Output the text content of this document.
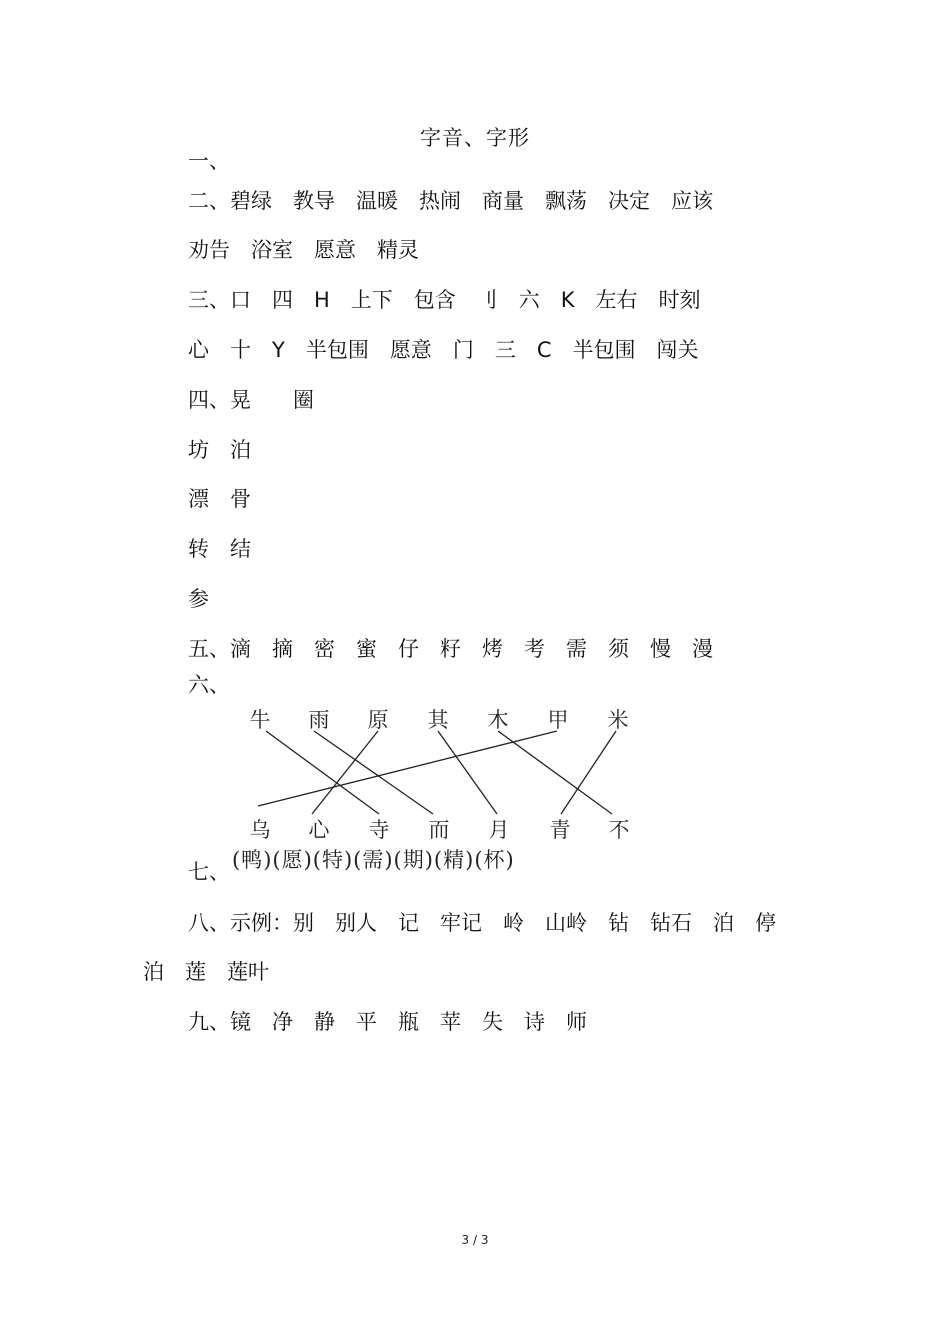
字音、字形
一、
二、碧绿　教导　温暖　热闹　商量　飘荡　决定　应该
劝告　浴室　愿意　精灵
三、口　四　H　上下　包含　刂　六　K　左右　时刻
心　十　Y　半包围　愿意　门　三　C　半包围　闯关
四、晃　　圈
坊　泊
漂　骨
转　结
参
五、滴　摘　密　蜜　仔　籽　烤　考　需　须　慢　漫
六、
牛 雨 原 其 木 甲 米
乌 心 寺 而 月 青 不
(鸭)(愿)(特)(需)(期)(精)(杯)
七、
八、示例：别　别人　记　牢记　岭　山岭　钻　钻石　泊　停
泊　莲　莲叶
九、镜　净　静　平　瓶　苹　失　诗　师
3 / 3
